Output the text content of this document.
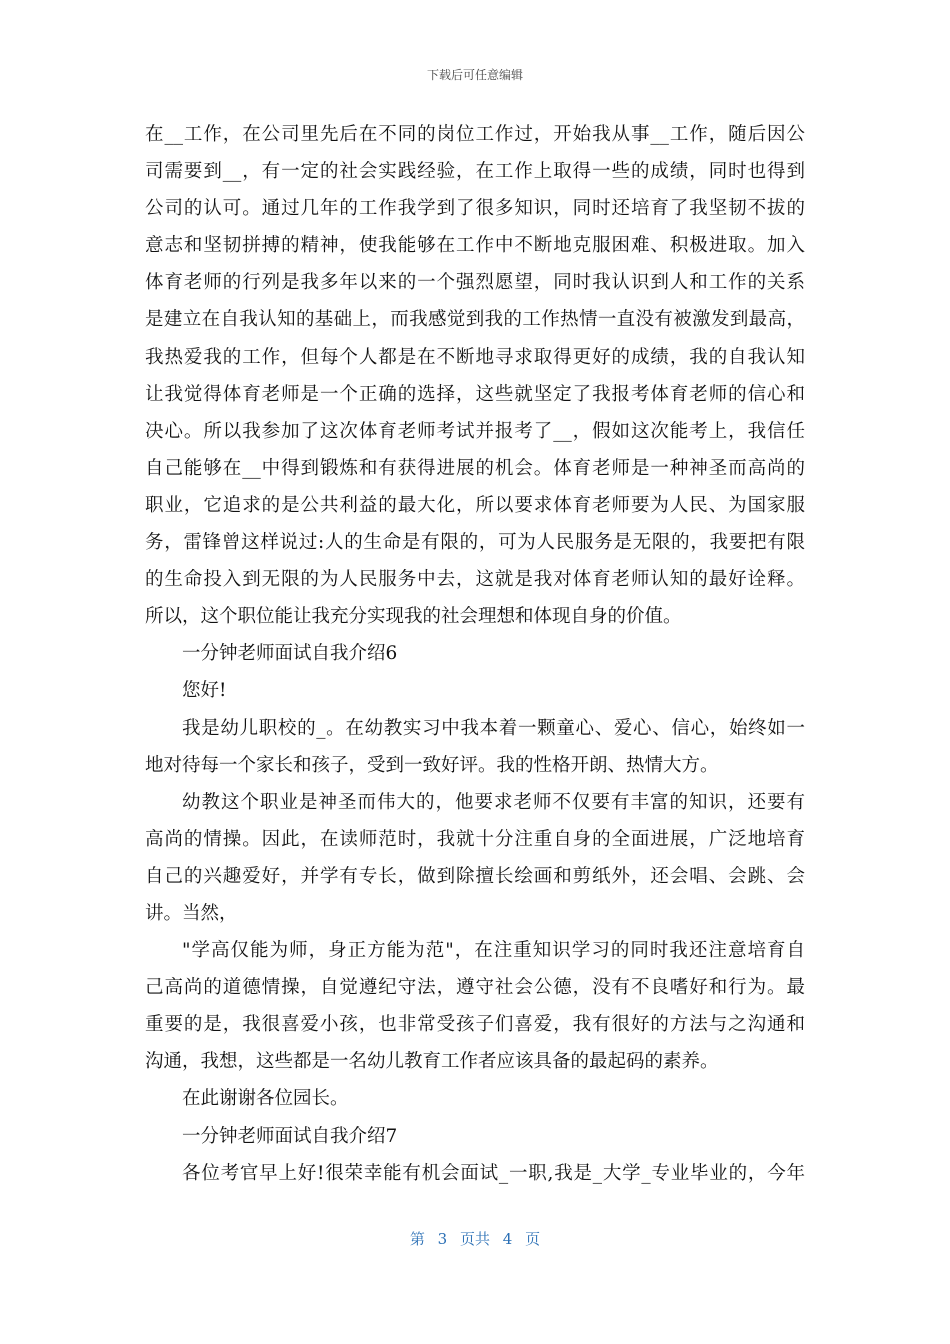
下载后可任意编辑
在__工作，在公司里先后在不同的岗位工作过，开始我从事__工作，随后因公
司需要到__，有一定的社会实践经验，在工作上取得一些的成绩，同时也得到
公司的认可。通过几年的工作我学到了很多知识，同时还培育了我坚韧不拔的
意志和坚韧拼搏的精神，使我能够在工作中不断地克服困难、积极进取。加入
体育老师的行列是我多年以来的一个强烈愿望，同时我认识到人和工作的关系
是建立在自我认知的基础上，而我感觉到我的工作热情一直没有被激发到最高，
我热爱我的工作，但每个人都是在不断地寻求取得更好的成绩，我的自我认知
让我觉得体育老师是一个正确的选择，这些就坚定了我报考体育老师的信心和
决心。所以我参加了这次体育老师考试并报考了__，假如这次能考上，我信任
自己能够在__中得到锻炼和有获得进展的机会。体育老师是一种神圣而高尚的
职业，它追求的是公共利益的最大化，所以要求体育老师要为人民、为国家服
务，雷锋曾这样说过:人的生命是有限的，可为人民服务是无限的，我要把有限
的生命投入到无限的为人民服务中去，这就是我对体育老师认知的最好诠释。
所以，这个职位能让我充分实现我的社会理想和体现自身的价值。
一分钟老师面试自我介绍6
您好!
我是幼儿职校的_。在幼教实习中我本着一颗童心、爱心、信心，始终如一
地对待每一个家长和孩子，受到一致好评。我的性格开朗、热情大方。
幼教这个职业是神圣而伟大的，他要求老师不仅要有丰富的知识，还要有
高尚的情操。因此，在读师范时，我就十分注重自身的全面进展，广泛地培育
自己的兴趣爱好，并学有专长，做到除擅长绘画和剪纸外，还会唱、会跳、会
讲。当然，
"学高仅能为师，身正方能为范"，在注重知识学习的同时我还注意培育自
己高尚的道德情操，自觉遵纪守法，遵守社会公德，没有不良嗜好和行为。最
重要的是，我很喜爱小孩，也非常受孩子们喜爱，我有很好的方法与之沟通和
沟通，我想，这些都是一名幼儿教育工作者应该具备的最起码的素养。
在此谢谢各位园长。
一分钟老师面试自我介绍7
各位考官早上好!很荣幸能有机会面试_一职,我是_大学_专业毕业的，今年
第 3 页共 4 页
